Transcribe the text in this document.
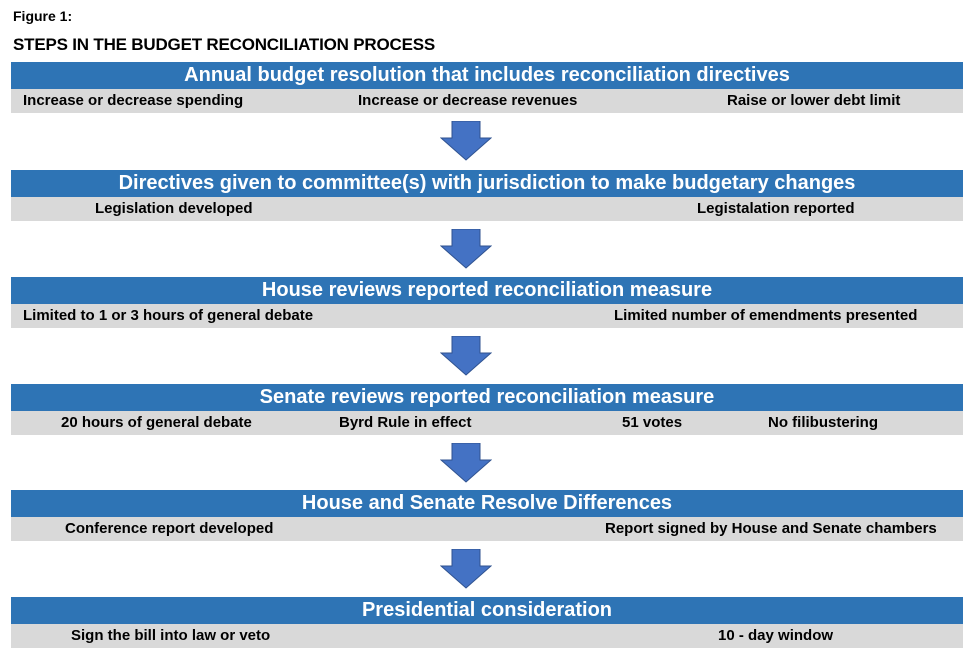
Figure 1:
STEPS IN THE BUDGET RECONCILIATION PROCESS
Annual budget resolution that includes reconciliation directives
Increase or decrease spending	Increase or decrease revenues	Raise or lower debt limit
Directives given to committee(s) with jurisdiction to make budgetary changes
Legislation developed	Legistalation reported
House reviews reported reconciliation measure
Limited to 1 or 3 hours of general debate	Limited number of emendments presented
Senate reviews reported reconciliation measure
20 hours of general debate	Byrd Rule in effect	51 votes	No filibustering
House and Senate Resolve Differences
Conference report developed	Report signed by House and Senate chambers
Presidential consideration
Sign the bill into law or veto	10 - day window
